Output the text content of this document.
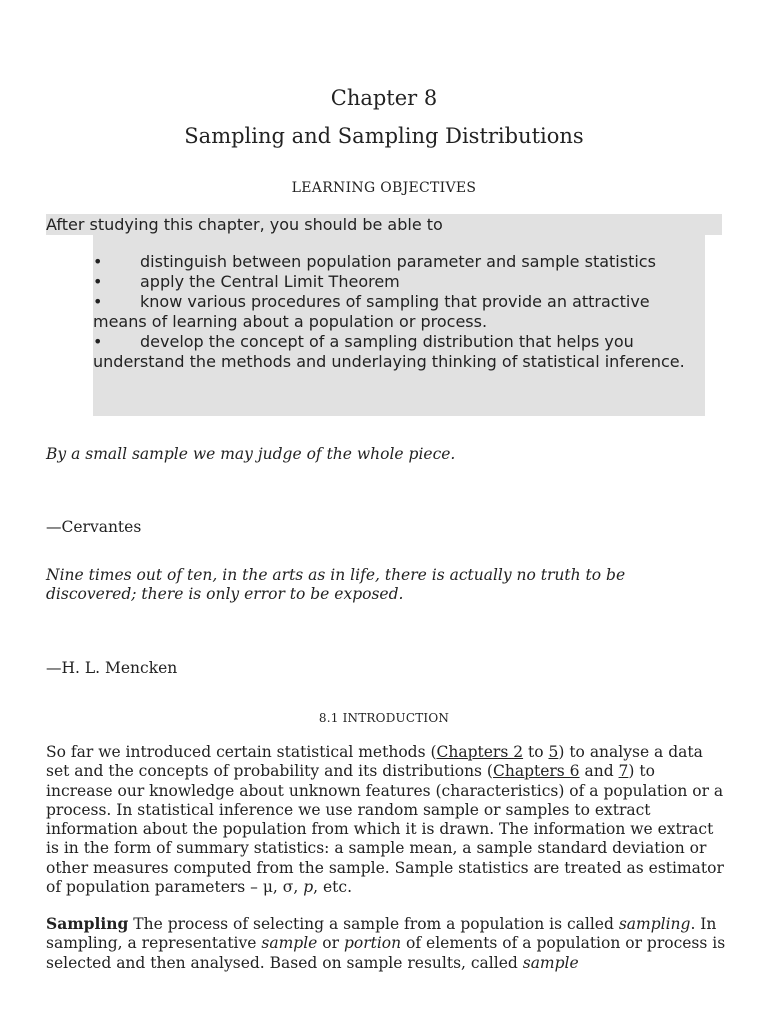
Chapter 8
Sampling and Sampling Distributions
LEARNING OBJECTIVES
After studying this chapter, you should be able to
• distinguish between population parameter and sample statistics
• apply the Central Limit Theorem
• know various procedures of sampling that provide an attractive means of learning about a population or process.
• develop the concept of a sampling distribution that helps you understand the methods and underlaying thinking of statistical inference.
By a small sample we may judge of the whole piece.
—Cervantes
Nine times out of ten, in the arts as in life, there is actually no truth to be discovered; there is only error to be exposed.
—H. L. Mencken
8.1 INTRODUCTION

So far we introduced certain statistical methods (Chapters 2 to 5) to analyse a data set and the concepts of probability and its distributions (Chapters 6 and 7) to increase our knowledge about unknown features (characteristics) of a population or a process. In statistical inference we use random sample or samples to extract information about the population from which it is drawn. The information we extract is in the form of summary statistics: a sample mean, a sample standard deviation or other measures computed from the sample. Sample statistics are treated as estimator of population parameters – μ, σ, p, etc.

Sampling The process of selecting a sample from a population is called sampling. In sampling, a representative sample or portion of elements of a population or process is selected and then analysed. Based on sample results, called sample
